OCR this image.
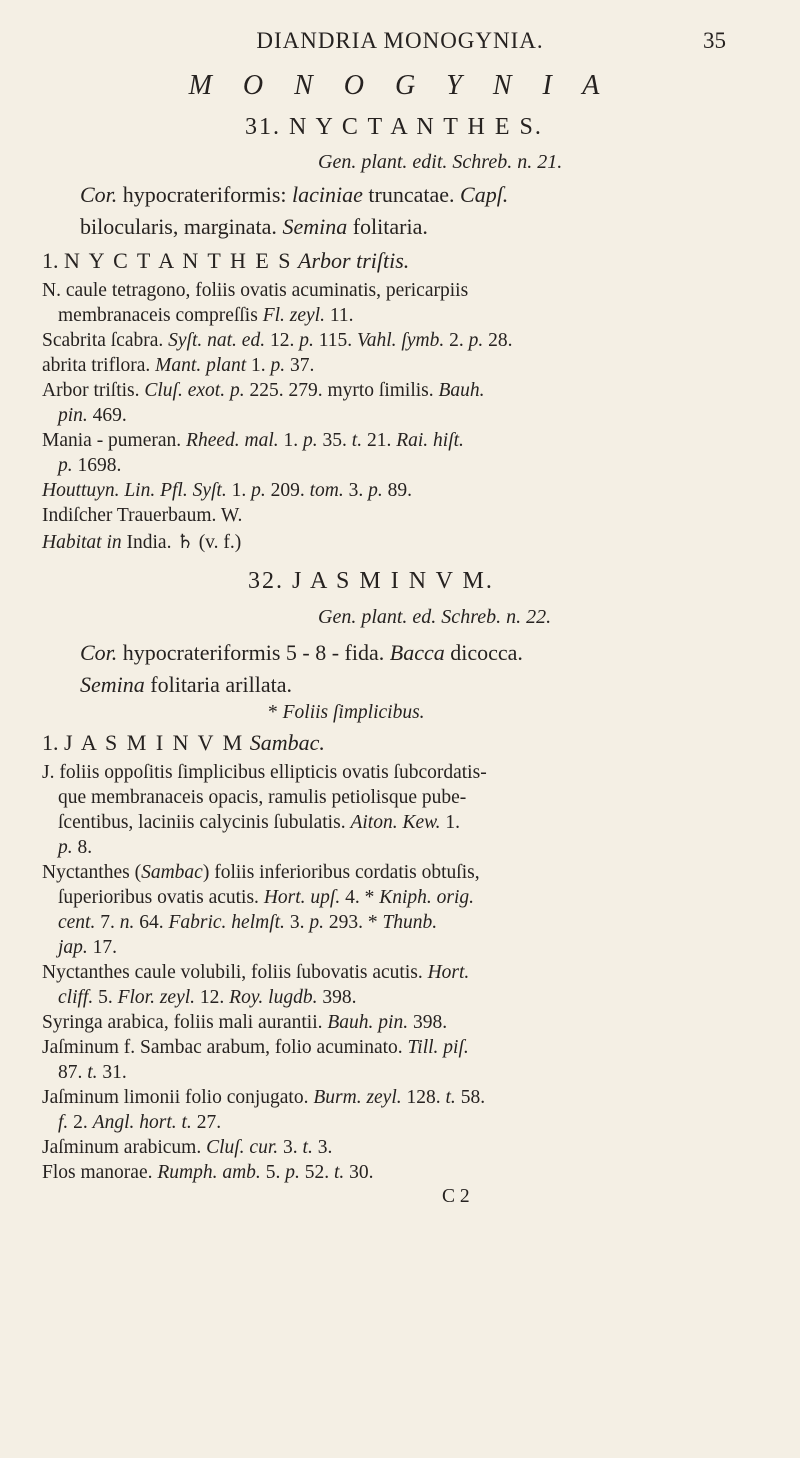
DIANDRIA MONOGYNIA.	35
M O N O G Y N I A
31. N Y C T A N T H E S.
Gen. plant. edit. Schreb. n. 21.
Cor. hypocrateriformis: laciniae truncatae. Capſ.
bilocularis, marginata. Semina folitaria.
1. N Y C T A N T H E S Arbor triſtis.
N. caule tetragono, foliis ovatis acuminatis, pericarpiis
membranaceis compreſſis Fl. zeyl. 11.
Scabrita ſcabra. Syſt. nat. ed. 12. p. 115. Vahl. ſymb. 2. p. 28.
abrita triflora. Mant. plant 1. p. 37.
Arbor triſtis. Cluſ. exot. p. 225. 279. myrto ſimilis. Bauh.
pin. 469.
Mania - pumeran. Rheed. mal. 1. p. 35. t. 21. Rai. hiſt.
p. 1698.
Houttuyn. Lin. Pfl. Syſt. 1. p. 209. tom. 3. p. 89.
Indiſcher Trauerbaum. W.
Habitat in India. ♄ (v. f.)
32. J A S M I N V M.
Gen. plant. ed. Schreb. n. 22.
Cor. hypocrateriformis 5 - 8 - fida. Bacca dicocca.
Semina folitaria arillata.
* Foliis ſimplicibus.
1. J A S M I N V M Sambac.
J. foliis oppoſitis ſimplicibus ellipticis ovatis ſubcordatis-
que membranaceis opacis, ramulis petiolisque pube-
ſcentibus, laciniis calycinis ſubulatis. Aiton. Kew. 1.
p. 8.
Nyctanthes (Sambac) foliis inferioribus cordatis obtuſis,
ſuperioribus ovatis acutis. Hort. upſ. 4. * Kniph. orig.
cent. 7. n. 64. Fabric. helmſt. 3. p. 293. * Thunb.
jap. 17.
Nyctanthes caule volubili, foliis ſubovatis acutis. Hort.
cliff. 5. Flor. zeyl. 12. Roy. lugdb. 398.
Syringa arabica, foliis mali aurantii. Bauh. pin. 398.
Jaſminum f. Sambac arabum, folio acuminato. Till. piſ.
87. t. 31.
Jaſminum limonii folio conjugato. Burm. zeyl. 128. t. 58.
f. 2. Angl. hort. t. 27.
Jaſminum arabicum. Cluſ. cur. 3. t. 3.
Flos manorae. Rumph. amb. 5. p. 52. t. 30.
C 2
